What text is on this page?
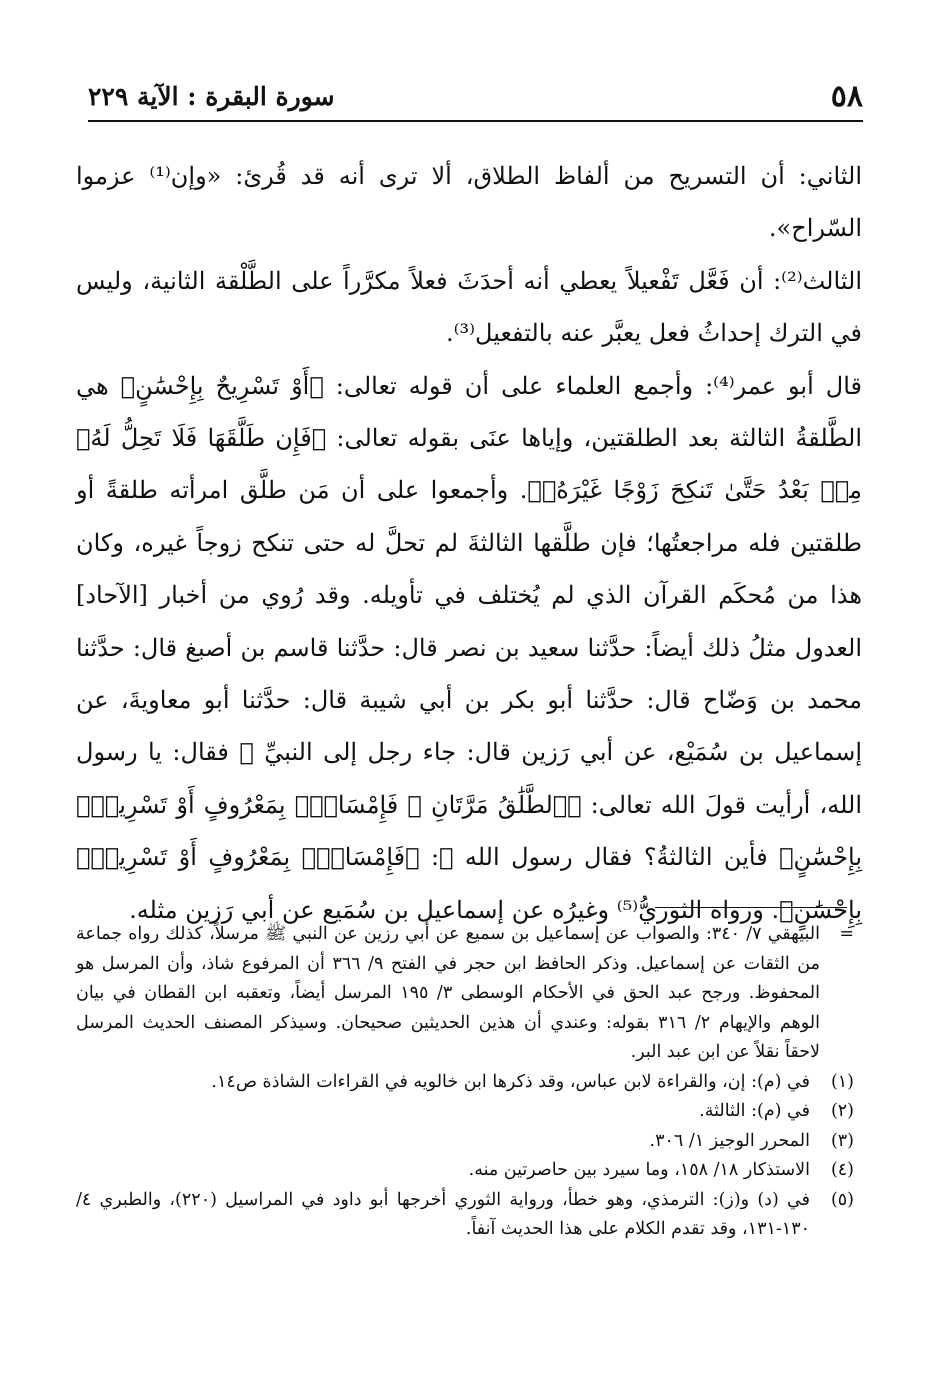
٥٨
سورة البقرة : الآية ٢٢٩

الثاني: أن التسريح من ألفاظ الطلاق، ألا ترى أنه قد قُرئ: «وإن⁽¹⁾ عزموا السّراح».

الثالث⁽²⁾: أن فَعَّل تَفْعيلاً يعطي أنه أحدَثَ فعلاً مكرَّراً على الطَّلْقة الثانية، وليس في الترك إحداثُ فعل يعبَّر عنه بالتفعيل⁽³⁾.

قال أبو عمر⁽⁴⁾: وأجمع العلماء على أن قوله تعالى: ﴿أَوْ تَسْرِيحٌ بِإِحْسَٰنٍ﴾ هي الطَّلقةُ الثالثة بعد الطلقتين، وإياها عنَى بقوله تعالى: ﴿فَإِن طَلَّقَهَا فَلَا تَحِلُّ لَهُۥ مِنۢ بَعْدُ حَتَّىٰ تَنكِحَ زَوْجًا غَيْرَهُۥ﴾. وأجمعوا على أن مَن طلَّق امرأته طلقةً أو طلقتين فله مراجعتُها؛ فإن طلَّقها الثالثةَ لم تحلَّ له حتى تنكح زوجاً غيره، وكان هذا من مُحكَم القرآن الذي لم يُختلف في تأويله. وقد رُوي من أخبار [الآحاد] العدول مثلُ ذلك أيضاً: حدَّثنا سعيد بن نصر قال: حدَّثنا قاسم بن أصبغ قال: حدَّثنا محمد بن وَضّاح قال: حدَّثنا أبو بكر بن أبي شيبة قال: حدَّثنا أبو معاويةَ، عن إسماعيل بن سُمَيْع، عن أبي رَزين قال: جاء رجل إلى النبيِّ ﷺ فقال: يا رسول الله، أرأيت قولَ الله تعالى: ﴿ٱلطَّلَٰقُ مَرَّتَانِ ۖ فَإِمْسَاكٌۢ بِمَعْرُوفٍ أَوْ تَسْرِيحٌۢ بِإِحْسَٰنٍ﴾ فأين الثالثةُ؟ فقال رسول الله ﷺ: ﴿فَإِمْسَاكٌۢ بِمَعْرُوفٍ أَوْ تَسْرِيحٌۢ بِإِحْسَٰنٍ﴾. ورواه الثوريُّ⁽⁵⁾ وغيرُه عن إسماعيل بن سُمَيع عن أبي رَزين مثله.

=
البيهقي ٧/ ٣٤٠: والصواب عن إسماعيل بن سميع عن أبي رزين عن النبي ﷺ مرسلاً، كذلك رواه جماعة من الثقات عن إسماعيل. وذكر الحافظ ابن حجر في الفتح ٩/ ٣٦٦ أن المرفوع شاذ، وأن المرسل هو المحفوظ. ورجح عبد الحق في الأحكام الوسطى ٣/ ١٩٥ المرسل أيضاً، وتعقبه ابن القطان في بيان الوهم والإيهام ٢/ ٣١٦ بقوله: وعندي أن هذين الحديثين صحيحان. وسيذكر المصنف الحديث المرسل لاحقاً نقلاً عن ابن عبد البر.
(١)
في (م): إن، والقراءة لابن عباس، وقد ذكرها ابن خالويه في القراءات الشاذة ص١٤.
(٢)
في (م): الثالثة.
(٣)
المحرر الوجيز ١/ ٣٠٦.
(٤)
الاستذكار ١٨/ ١٥٨، وما سيرد بين حاصرتين منه.
(٥)
في (د) و(ز): الترمذي، وهو خطأ، ورواية الثوري أخرجها أبو داود في المراسيل (٢٢٠)، والطبري ٤/ ١٣٠-١٣١، وقد تقدم الكلام على هذا الحديث آنفاً.
